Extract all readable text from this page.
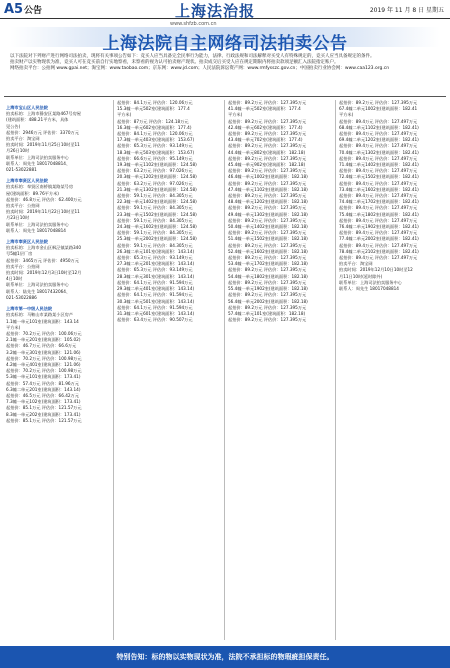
A5 公告	上海法治报	2019 年 11 月 8 日 星期五
www.shfzb.com.cn
上海法院自主网络司法拍卖公告

以下法院对下列财产进行网络司法拍卖，现将有关事项公告如下：竞买人应当具备完全民事行为能力，法律、行政法规和司法解释对买受人有特殊规定的，竞买人应当具备规定的条件。

拍卖财产以实物现状为准，竞买人可在竞买前自行实地察看，未察看的视为认可拍卖财产现状。拍卖成交后买受人应在规定期限内将拍卖款项足额汇入法院指定账户。

网络拍卖平台：公拍网 www.gpai.net；淘宝网：www.taobao.com；京东网：www.jd.com；人民法院诉讼资产网：www.rmfysszc.gov.cn；中国拍卖行业协会网：www.caa123.org.cn

上海市宝山区人民法院
拍卖标的：上海市静安区某路467号房屋
(建筑面积：488.21平方米，具体
见公告)
起拍价：2946万元 评估价：3370万元
拍卖平台：淘宝网
拍卖时间：2019年11月25日10时至11
月26日10时
联系单位：上海司法拍卖服务中心
联系人：周先生 18017048814、
021-53022881
上海市奉贤区人民法院
拍卖标的：奉贤区南桥镇某路某号房
屋(建筑面积：89.76平方米)
起拍价：46.8万元 评估价：62.400万元
拍卖平台：公拍网
拍卖时间：2019年11月22日10时至11
月23日10时
联系单位：上海司法拍卖服务中心
联系人：周先生 18017048814
上海市奉贤区人民法院
拍卖标的：上海市金山区枫泾镇某路340
号5幢1层厂房
起拍价：3465万元 评估价：4950万元
拍卖平台：公拍网
拍卖时间：2019年12月3日10时至12月
4日10时
联系单位：上海司法拍卖服务中心
联系人：陆先生 18017432064、
021-53022886
上海市第一中级人民法院
拍卖标的：马鞍山市某路某小区房产
1.1幢一单元101室(建筑面积：143.14
平方米)
起拍价：70.2万元 评估价：100.06万元
2.1幢一单元201室(建筑面积：105.02)
起拍价：46.7万元 评估价：66.6万元
3.2幢一单元301室(建筑面积：121.06)
起拍价：70.2万元 评估价：100.98万元
4.2幢一单元401室(建筑面积：121.06)
起拍价：70.2万元 评估价：100.98万元
5.3幢一单元101室(建筑面积：173.41)
起拍价：57.4万元 评估价：81.96万元
6.3幢二单元201室(建筑面积：143.14)
起拍价：46.5万元 评估价：66.42万元
7.3幢一单元102室(建筑面积：173.41)
起拍价：85.1万元 评估价：121.57万元
8.3幢一单元202室(建筑面积：173.41)
起拍价：85.1万元 评估价：121.57万元
起拍价：84.1万元 评估价：120.06万元
15.3幢一单元502室(建筑面积：177.4
平方米)
起拍价：87万元 评估价：124.18万元
16.3幢一单元602室(建筑面积：177.4)
起拍价：84.1万元 评估价：120.06万元
17.3幢一单元403室(建筑面积：153.67)
起拍价：65.3万元 评估价：93.149万元
18.3幢一单元503室(建筑面积：153.67)
起拍价：66.6万元 评估价：95.149万元
19.3幢一单元1102室(建筑面积：124.58)
起拍价：63.2万元 评估价：97.026万元
20.3幢一单元1202室(建筑面积：124.58)
起拍价：63.2万元 评估价：97.026万元
21.3幢一单元1302室(建筑面积：124.58)
起拍价：59.1万元 评估价：84.305万元
22.3幢一单元1402室(建筑面积：124.58)
起拍价：59.1万元 评估价：84.305万元
23.3幢一单元1502室(建筑面积：124.58)
起拍价：59.1万元 评估价：84.305万元
24.3幢一单元1602室(建筑面积：124.58)
起拍价：59.1万元 评估价：84.305万元
25.3幢一单元2002室(建筑面积：124.58)
起拍价：59.1万元 评估价：84.305万元
26.3幢二单元101室(建筑面积：143.14)
起拍价：65.3万元 评估价：93.149万元
27.3幢二单元201室(建筑面积：143.14)
起拍价：65.3万元 评估价：93.149万元
28.3幢二单元301室(建筑面积：143.14)
起拍价：64.1万元 评估价：91.594万元
29.3幢二单元401室(建筑面积：143.14)
起拍价：64.1万元 评估价：91.594万元
30.3幢二单元501室(建筑面积：143.14)
起拍价：64.1万元 评估价：91.594万元
31.3幢二单元601室(建筑面积：143.14)
起拍价：63.4万元 评估价：90.507万元
起拍价：89.2万元 评估价：127.395万元
41.4幢一单元502室(建筑面积：177.4
平方米)
起拍价：89.2万元 评估价：127.395万元
42.4幢一单元602室(建筑面积：177.4)
起拍价：89.2万元 评估价：127.395万元
43.4幢一单元702室(建筑面积：177.4)
起拍价：89.2万元 评估价：127.395万元
44.4幢一单元802室(建筑面积：182.18)
起拍价：89.2万元 评估价：127.395万元
45.4幢一单元902室(建筑面积：182.18)
起拍价：89.2万元 评估价：127.395万元
46.4幢一单元1002室(建筑面积：182.18)
起拍价：89.2万元 评估价：127.395万元
47.4幢一单元1102室(建筑面积：182.18)
起拍价：89.2万元 评估价：127.395万元
48.4幢一单元1202室(建筑面积：182.18)
起拍价：89.2万元 评估价：127.395万元
49.4幢一单元1302室(建筑面积：182.18)
起拍价：89.2万元 评估价：127.395万元
50.4幢一单元1402室(建筑面积：182.18)
起拍价：89.2万元 评估价：127.395万元
51.4幢一单元1502室(建筑面积：182.18)
起拍价：89.2万元 评估价：127.395万元
52.4幢一单元1602室(建筑面积：182.18)
起拍价：89.2万元 评估价：127.395万元
53.4幢一单元1702室(建筑面积：182.18)
起拍价：89.2万元 评估价：127.395万元
54.4幢一单元1802室(建筑面积：182.18)
起拍价：89.2万元 评估价：127.395万元
55.4幢一单元1902室(建筑面积：182.18)
起拍价：89.2万元 评估价：127.395万元
56.4幢一单元2002室(建筑面积：182.18)
起拍价：89.2万元 评估价：127.395万元
57.4幢二单元101室(建筑面积：182.18)
起拍价：89.2万元 评估价：127.395万元
起拍价：89.2万元 评估价：127.395万元
67.4幢二单元1002室(建筑面积：182.41
平方米)
起拍价：89.4万元 评估价：127.497万元
68.4幢二单元1102室(建筑面积：182.41)
起拍价：89.4万元 评估价：127.497万元
69.4幢二单元1202室(建筑面积：182.41)
起拍价：89.4万元 评估价：127.497万元
70.4幢二单元1302室(建筑面积：182.41)
起拍价：89.4万元 评估价：127.497万元
71.4幢二单元1402室(建筑面积：182.41)
起拍价：89.4万元 评估价：127.497万元
72.4幢二单元1502室(建筑面积：182.41)
起拍价：89.4万元 评估价：127.497万元
73.4幢二单元1602室(建筑面积：182.41)
起拍价：89.4万元 评估价：127.497万元
74.4幢二单元1702室(建筑面积：182.41)
起拍价：89.4万元 评估价：127.497万元
75.4幢二单元1802室(建筑面积：182.41)
起拍价：89.4万元 评估价：127.497万元
76.4幢二单元1902室(建筑面积：182.41)
起拍价：89.4万元 评估价：127.497万元
77.4幢二单元2002室(建筑面积：182.41)
起拍价：89.4万元 评估价：127.497万元
78.4幢二单元2102室(建筑面积：182.41)
起拍价：89.4万元 评估价：127.497万元
拍卖平台：淘宝网
拍卖时间：2019年12月10日10时至12
月11日10时(延时除外)
联系单位：上海司法拍卖服务中心
联系人：周先生 18017048814
特别告知：标的物以实物现状为准，法院不承担标的物瑕疵担保责任。
